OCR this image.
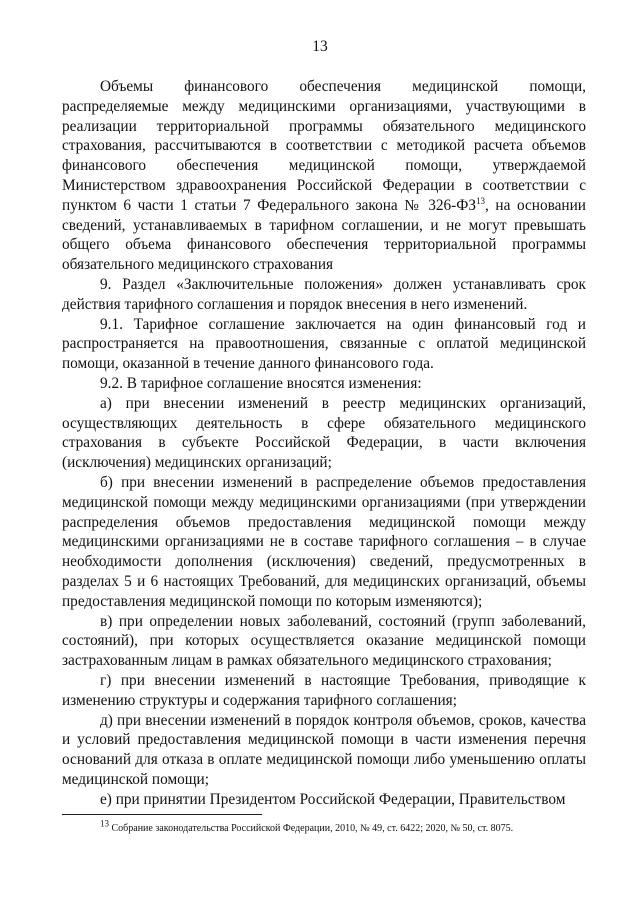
13

Объемы финансового обеспечения медицинской помощи, распределяемые между медицинскими организациями, участвующими в реализации территориальной программы обязательного медицинского страхования, рассчитываются в соответствии с методикой расчета объемов финансового обеспечения медицинской помощи, утверждаемой Министерством здравоохранения Российской Федерации в соответствии с пунктом 6 части 1 статьи 7 Федерального закона № 326-ФЗ$^{13}$, на основании сведений, устанавливаемых в тарифном соглашении, и не могут превышать общего объема финансового обеспечения территориальной программы обязательного медицинского страхования

9. Раздел «Заключительные положения» должен устанавливать срок действия тарифного соглашения и порядок внесения в него изменений.

9.1. Тарифное соглашение заключается на один финансовый год и распространяется на правоотношения, связанные с оплатой медицинской помощи, оказанной в течение данного финансового года.

9.2. В тарифное соглашение вносятся изменения:

а) при внесении изменений в реестр медицинских организаций, осуществляющих деятельность в сфере обязательного медицинского страхования в субъекте Российской Федерации, в части включения (исключения) медицинских организаций;

б) при внесении изменений в распределение объемов предоставления медицинской помощи между медицинскими организациями (при утверждении распределения объемов предоставления медицинской помощи между медицинскими организациями не в составе тарифного соглашения – в случае необходимости дополнения (исключения) сведений, предусмотренных в разделах 5 и 6 настоящих Требований, для медицинских организаций, объемы предоставления медицинской помощи по которым изменяются);

в) при определении новых заболеваний, состояний (групп заболеваний, состояний), при которых осуществляется оказание медицинской помощи застрахованным лицам в рамках обязательного медицинского страхования;

г) при внесении изменений в настоящие Требования, приводящие к изменению структуры и содержания тарифного соглашения;

д) при внесении изменений в порядок контроля объемов, сроков, качества и условий предоставления медицинской помощи в части изменения перечня оснований для отказа в оплате медицинской помощи либо уменьшению оплаты медицинской помощи;

е) при принятии Президентом Российской Федерации, Правительством

$^{13}$ Собрание законодательства Российской Федерации, 2010, № 49, ст. 6422; 2020, № 50, ст. 8075.
